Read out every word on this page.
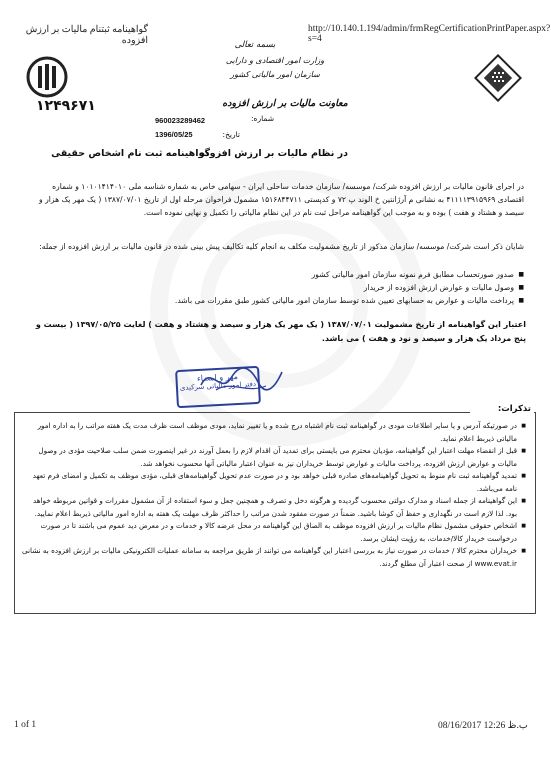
http://10.140.1.194/admin/frmRegCertificationPrintPaper.aspx?s=4
گواهینامه ثبتنام مالیات بر ارزش افزوده
۱۲۴۹۶۷۱
بسمه تعالی
وزارت امور اقتصادی و دارایی
سازمان امور مالیاتی کشور
معاونت مالیات بر ارزش افزوده
شماره:
960023289462
تاریخ:
1396/05/25
در نظام مالیات بر ارزش افزوده
گواهینامه ثبت نام اشخاص حقیقی
در اجرای قانون مالیات بر ارزش افزوده شرکت/ موسسه/ سازمان خدمات ساحلی ایران - سهامی خاص به شماره شناسه ملی ۱۰۱۰۱۴۱۴۰۱۰ و شماره اقتصادی ۴۱۱۱۱۳۹۱۵۹۶۹ به نشانی م آرژانتین خ الوند پ ۷۲ و کدپستی ۱۵۱۶۸۴۴۷۱۱ مشمول فراخوان مرحله اول از تاریخ ۱۳۸۷/۰۷/۰۱ ( یک مهر یک هزار و سیصد و هشتاد و هفت ) بوده و به موجب این گواهینامه مراحل ثبت نام در این نظام مالیاتی را تکمیل و نهایی نموده است.
شایان ذکر است شرکت/ موسسه/ سازمان مذکور از تاریخ مشمولیت مکلف به انجام کلیه تکالیف پیش بینی شده در قانون مالیات بر ارزش افزوده از جمله:
■ صدور صورتحساب مطابق فرم نمونه سازمان امور مالیاتی کشور
■ وصول مالیات و عوارض ارزش افزوده از خریدار
■ پرداخت مالیات و عوارض به حسابهای تعیین شده توسط سازمان امور مالیاتی کشور طبق مقررات می باشد.
اعتبار این گواهینامه از تاریخ مشمولیت ۱۳۸۷/۰۷/۰۱ ( یک مهر یک هزار و سیصد و هشتاد و هفت ) لغایت ۱۳۹۷/۰۵/۲۵ ( بیست و پنج مرداد یک هزار و سیصد و نود و هفت ) می باشد.
مهر و امضاء
دفتر امور مالیاتی سرکیدی
تذکرات:
■ در صورتیکه آدرس و یا سایر اطلاعات مودی در گواهینامه ثبت نام اشتباه درج شده و یا تغییر نماید، مودی موظف است ظرف مدت یک هفته مراتب را به اداره امور مالیاتی ذیربط اعلام نماید.
■ قبل از انقضاء مهلت اعتبار این گواهینامه، مؤدیان محترم می بایستی برای تمدید آن اقدام لازم را بعمل آورند در غیر اینصورت ضمن سلب صلاحیت مؤدی در وصول مالیات و عوارض ارزش افزوده، پرداخت مالیات و عوارض توسط خریداران نیز به عنوان اعتبار مالیاتی آنها محسوب نخواهد شد.
■ تمدید گواهینامه ثبت نام منوط به تحویل گواهینامه‌های صادره قبلی خواهد بود و در صورت عدم تحویل گواهینامه‌های قبلی، مؤدی موظف به تکمیل و امضای فرم تعهد نامه می‌باشد.
■ این گواهینامه از جمله اسناد و مدارک دولتی محسوب گردیده و هرگونه دخل و تصرف و همچنین جعل و سوء استفاده از آن مشمول مقررات و قوانین مربوطه خواهد بود. لذا لازم است در نگهداری و حفظ آن کوشا باشید. ضمناً در صورت مفقود شدن مراتب را حداکثر ظرف مهلت یک هفته به اداره امور مالیاتی ذیربط اعلام نمایید.
■ اشخاص حقوقی مشمول نظام مالیات بر ارزش افزوده موظف به الصاق این گواهینامه در محل عرضه کالا و خدمات و در معرض دید عموم می باشند تا در صورت درخواست خریدار کالا/خدمات، به رؤیت ایشان برسد.
■ خریداران محترم کالا / خدمات در صورت نیاز به بررسی اعتبار این گواهینامه می توانند از طریق مراجعه به سامانه عملیات الکترونیکی مالیات بر ارزش افزوده به نشانی www.evat.ir از صحت اعتبار آن مطلع گردند.
1 of 1	08/16/2017 12:26 ب.ظ
